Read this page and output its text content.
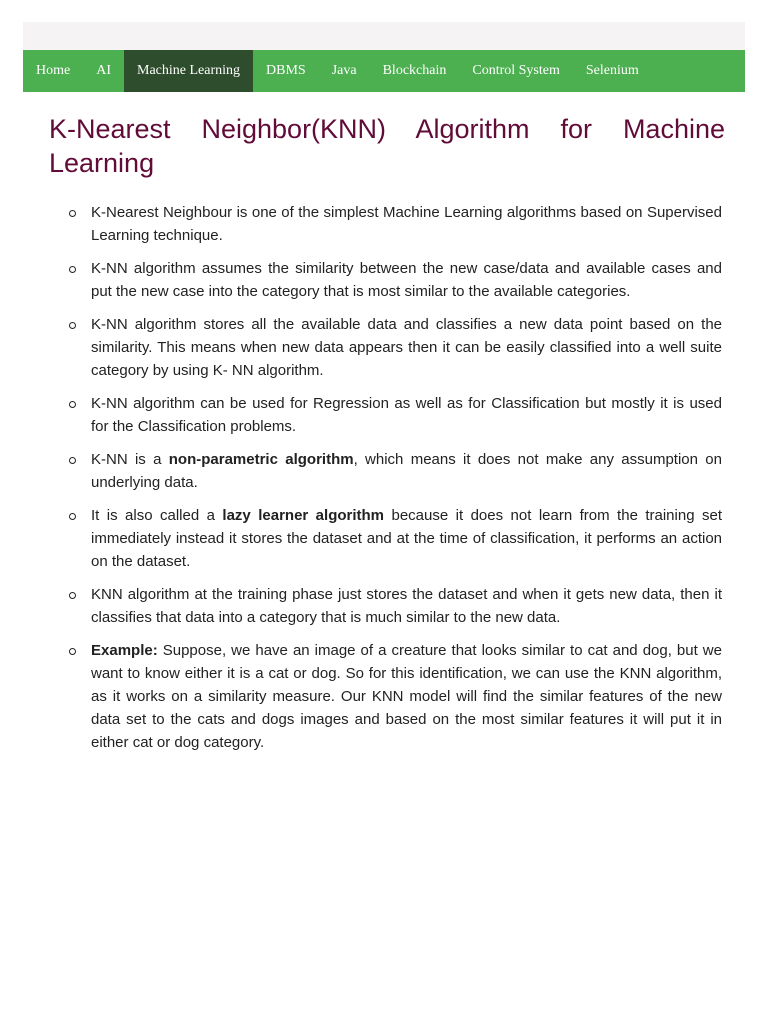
Home	AI	Machine Learning	DBMS	Java	Blockchain	Control System	Selenium
K-Nearest Neighbor(KNN) Algorithm for Machine Learning
K-Nearest Neighbour is one of the simplest Machine Learning algorithms based on Supervised Learning technique.
K-NN algorithm assumes the similarity between the new case/data and available cases and put the new case into the category that is most similar to the available categories.
K-NN algorithm stores all the available data and classifies a new data point based on the similarity. This means when new data appears then it can be easily classified into a well suite category by using K- NN algorithm.
K-NN algorithm can be used for Regression as well as for Classification but mostly it is used for the Classification problems.
K-NN is a non-parametric algorithm, which means it does not make any assumption on underlying data.
It is also called a lazy learner algorithm because it does not learn from the training set immediately instead it stores the dataset and at the time of classification, it performs an action on the dataset.
KNN algorithm at the training phase just stores the dataset and when it gets new data, then it classifies that data into a category that is much similar to the new data.
Example: Suppose, we have an image of a creature that looks similar to cat and dog, but we want to know either it is a cat or dog. So for this identification, we can use the KNN algorithm, as it works on a similarity measure. Our KNN model will find the similar features of the new data set to the cats and dogs images and based on the most similar features it will put it in either cat or dog category.
